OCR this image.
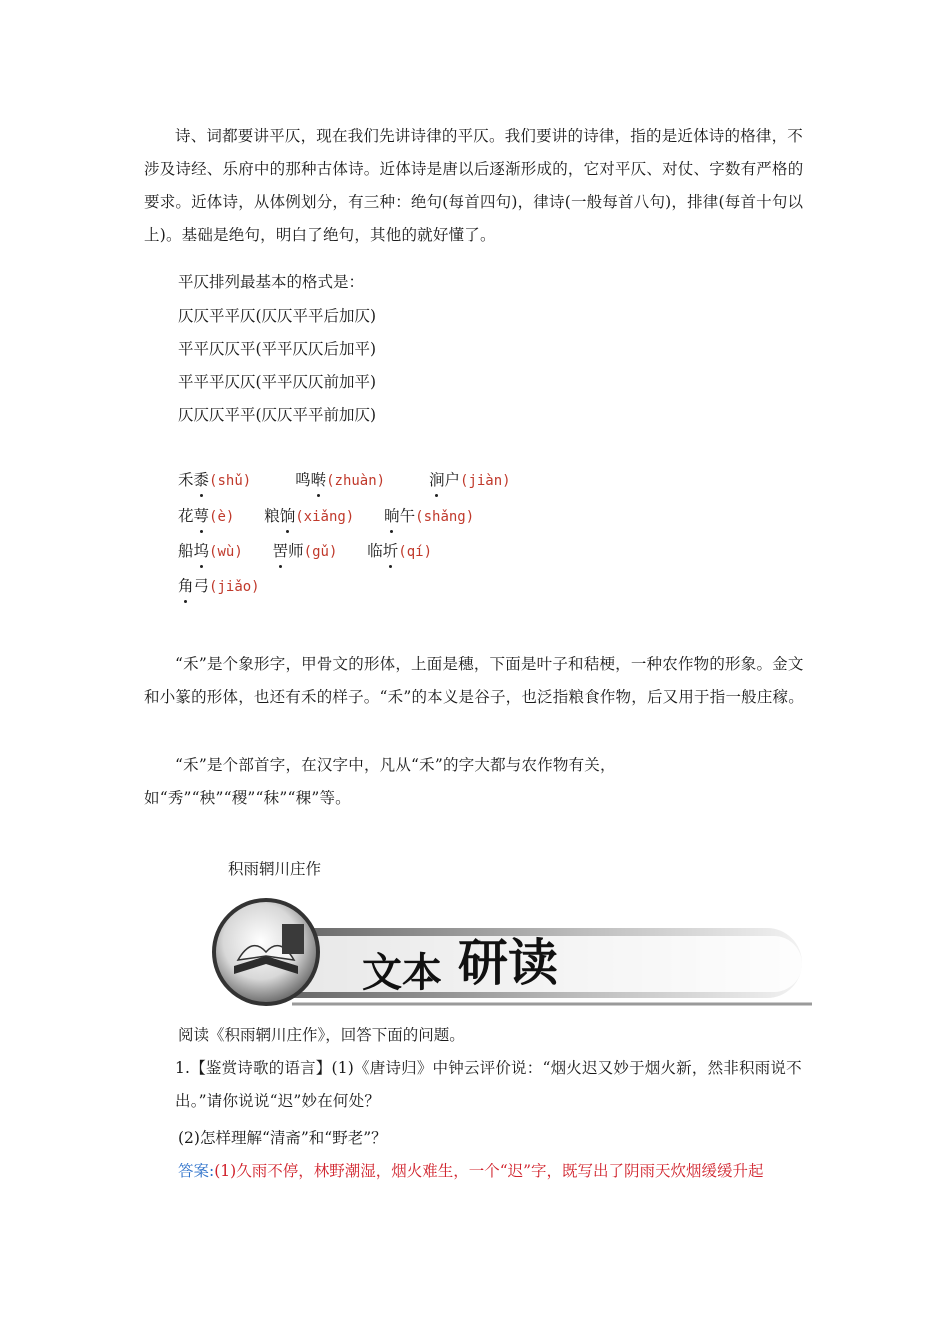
诗、词都要讲平仄，现在我们先讲诗律的平仄。我们要讲的诗律，指的是近体诗的格律，不涉及诗经、乐府中的那种古体诗。近体诗是唐以后逐渐形成的，它对平仄、对仗、字数有严格的要求。近体诗，从体例划分，有三种：绝句(每首四句)，律诗(一般每首八句)，排律(每首十句以上)。基础是绝句，明白了绝句，其他的就好懂了。

平仄排列最基本的格式是：

仄仄平平仄(仄仄平平后加仄)

平平仄仄平(平平仄仄后加平)

平平平仄仄(平平仄仄前加平)

仄仄仄平平(仄仄平平前加仄)

禾黍(shǔ)	鸣啭(zhuàn)	涧户(jiàn)

花萼(è) 粮饷(xiǎng) 晌午(shǎng)

船坞(wù) 罟师(gǔ) 临圻(qí)

角弓(jiǎo)

“禾”是个象形字，甲骨文的形体，上面是穗，下面是叶子和秸梗，一种农作物的形象。金文和小篆的形体，也还有禾的样子。“禾”的本义是谷子，也泛指粮食作物，后又用于指一般庄稼。

“禾”是个部首字，在汉字中，凡从“禾”的字大都与农作物有关，如“秀”“秧”“稷”“秣”“稞”等。

积雨辋川庄作

文本 研读

阅读《积雨辋川庄作》，回答下面的问题。

1.【鉴赏诗歌的语言】(1)《唐诗归》中钟云评价说：“烟火迟又妙于烟火新，然非积雨说不出。”请你说说“迟”妙在何处？

(2)怎样理解“清斋”和“野老”？

答案:(1)久雨不停，林野潮湿，烟火难生，一个“迟”字，既写出了阴雨天炊烟缓缓升起
